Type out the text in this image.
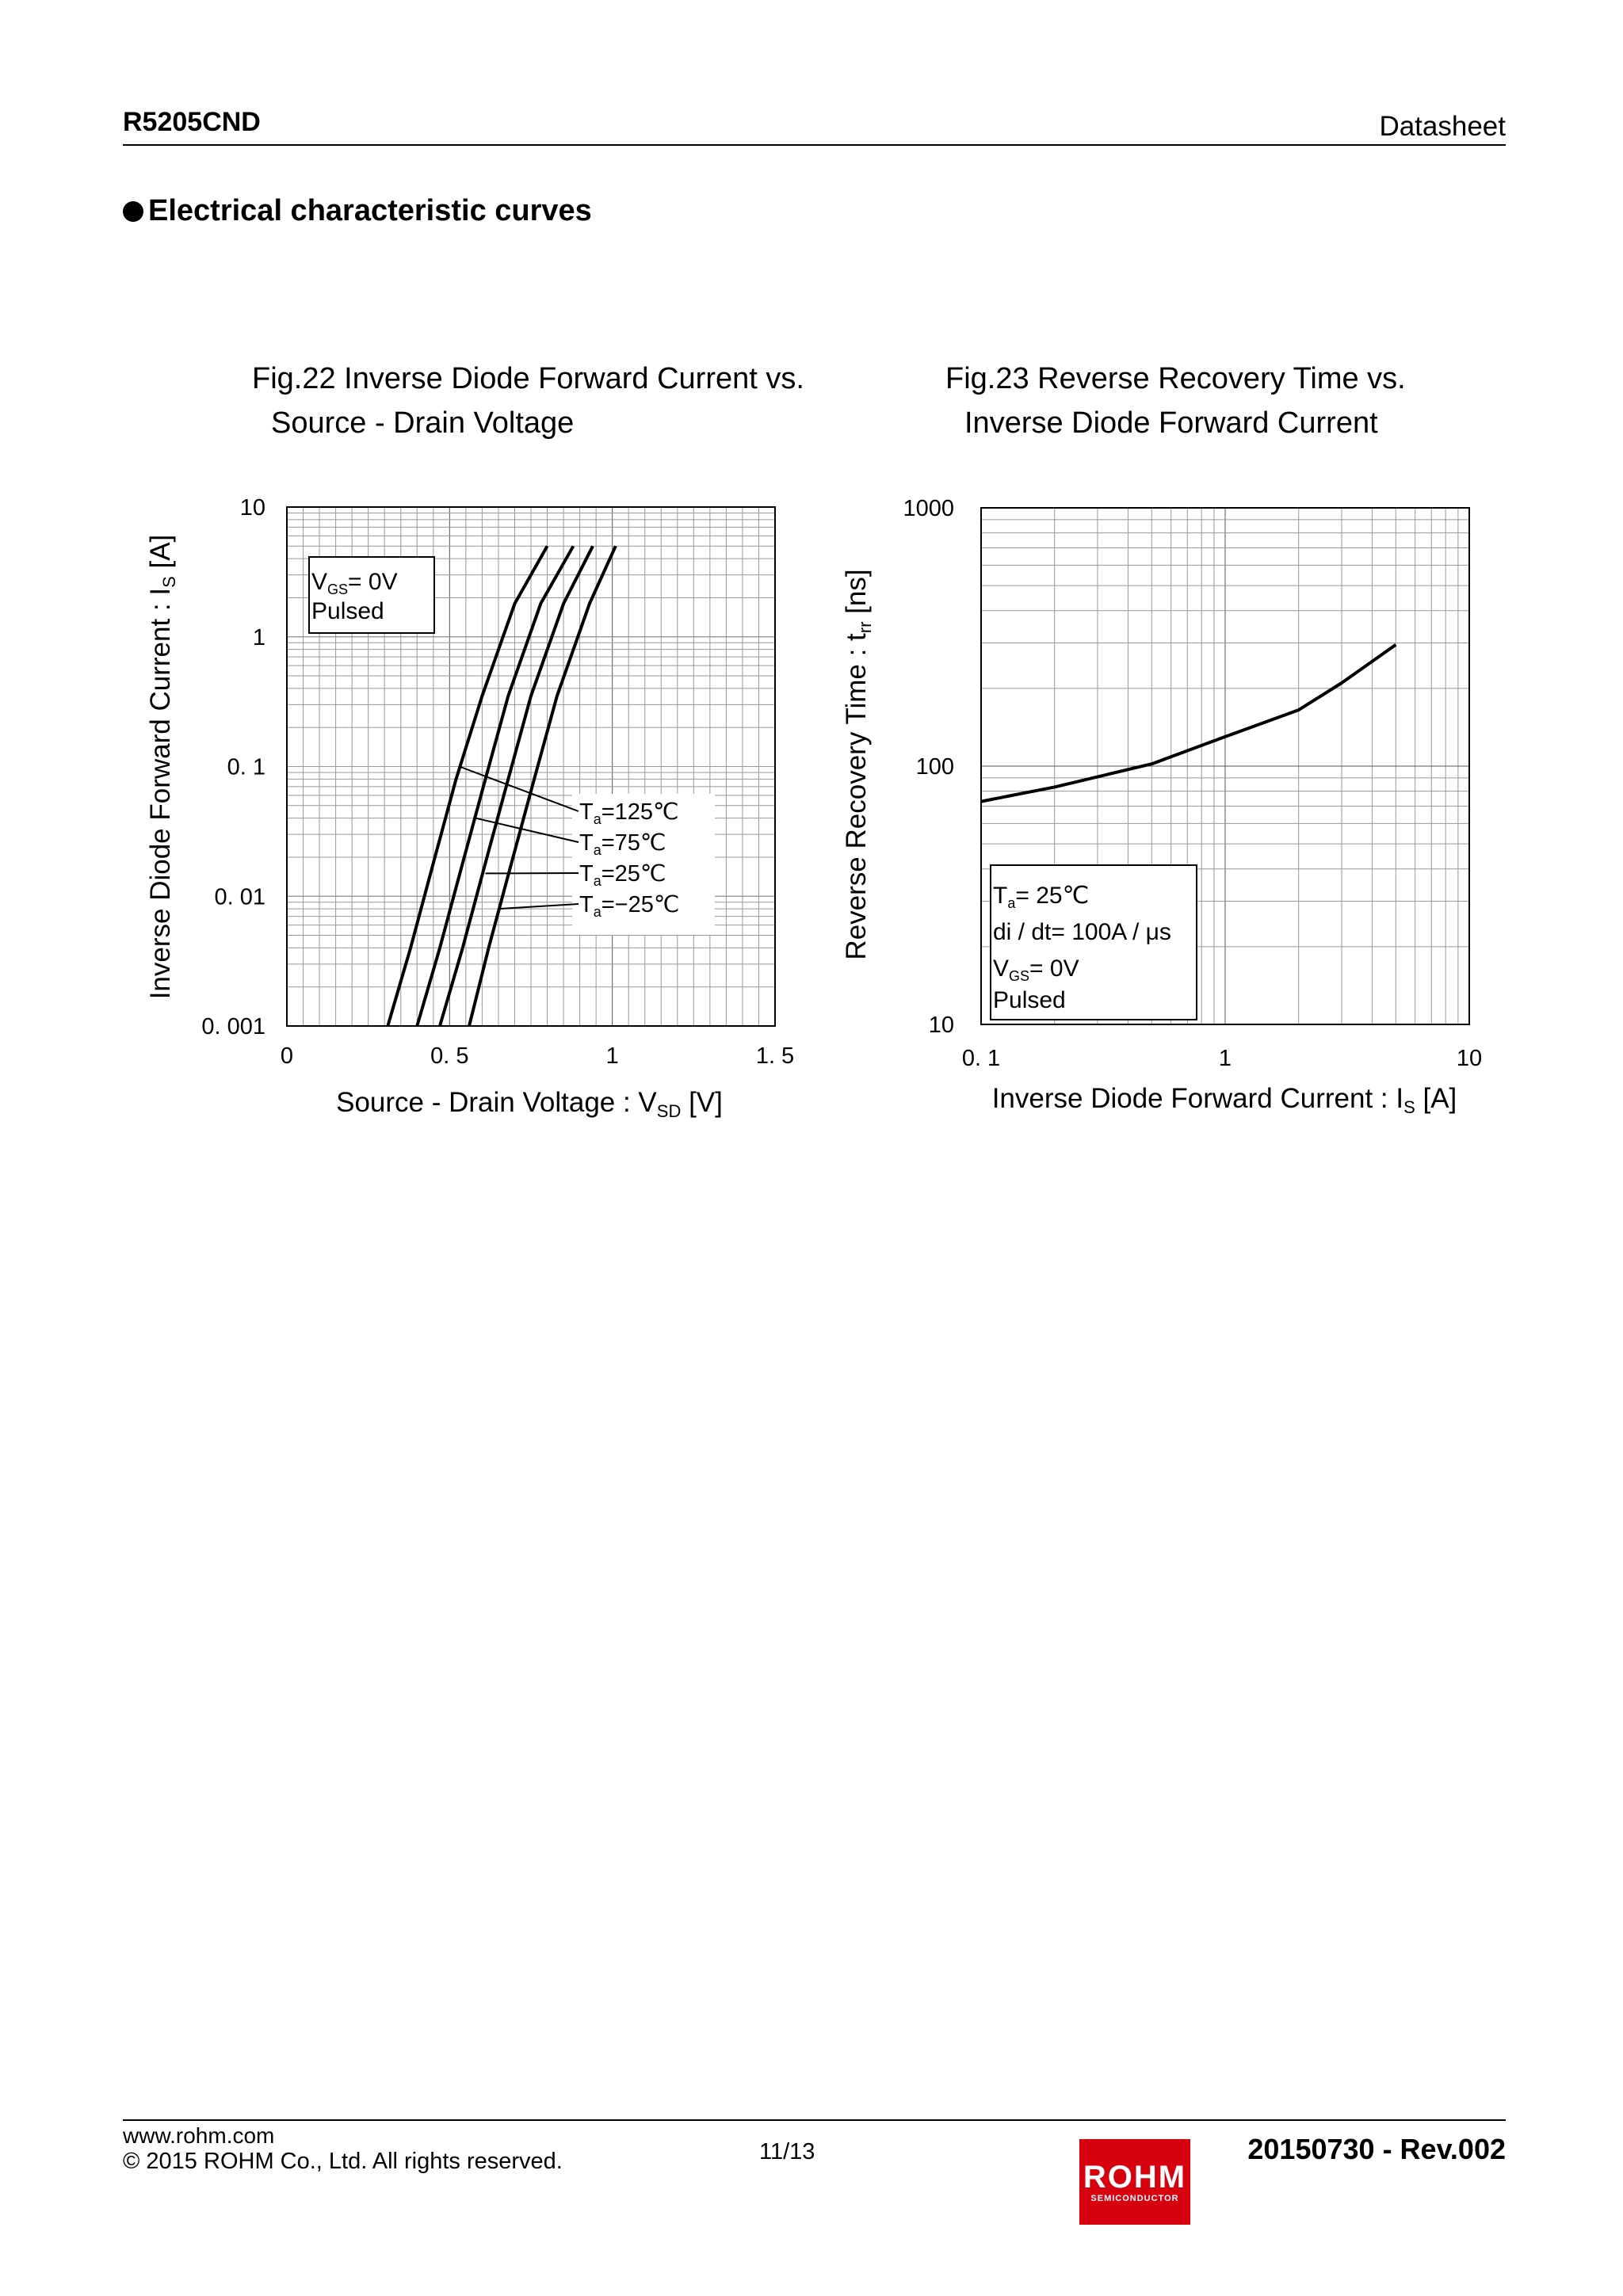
R5205CND	Datasheet
Electrical characteristic curves
Fig.22 Inverse Diode Forward Current vs.
Source - Drain Voltage
Fig.23 Reverse Recovery Time vs.
Inverse Diode Forward Current
$V_{GS}= 0V$
Pulsed
$T_a=125℃$
$T_a=75℃$
$T_a=25℃$
$T_a=-25℃$
10
1
0. 1
0. 01
0. 001
0	0. 5	1	1. 5
Inverse Diode Forward Current : $I_S$ [A]
Source - Drain Voltage : $V_{SD}$ [V]
$T_a=$ 25℃
di / dt= 100A / μs
$V_{GS}= 0V$
Pulsed
1000
100
10
0. 1	1	10
Reverse Recovery Time : $t_{rr}$ [ns]
Inverse Diode Forward Current : $I_S$ [A]
www.rohm.com
© 2015 ROHM Co., Ltd. All rights reserved.	11/13
ROHM
SEMICONDUCTOR
20150730 - Rev.002
